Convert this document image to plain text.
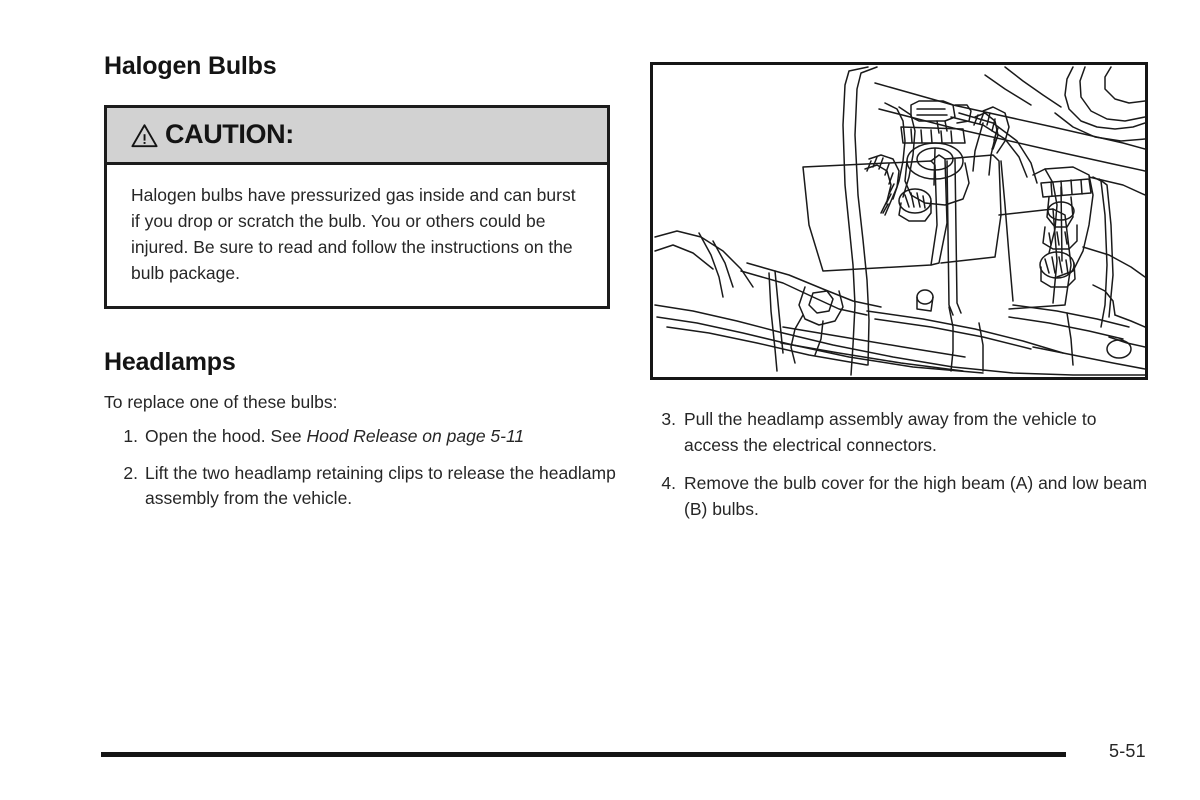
Halogen Bulbs
CAUTION:
Halogen bulbs have pressurized gas inside and can burst if you drop or scratch the bulb. You or others could be injured. Be sure to read and follow the instructions on the bulb package.
Headlamps

To replace one of these bulbs:

1. Open the hood. See Hood Release on page 5-11
2. Lift the two headlamp retaining clips to release the headlamp assembly from the vehicle.
3. Pull the headlamp assembly away from the vehicle to access the electrical connectors.
4. Remove the bulb cover for the high beam (A) and low beam (B) bulbs.
5-51
